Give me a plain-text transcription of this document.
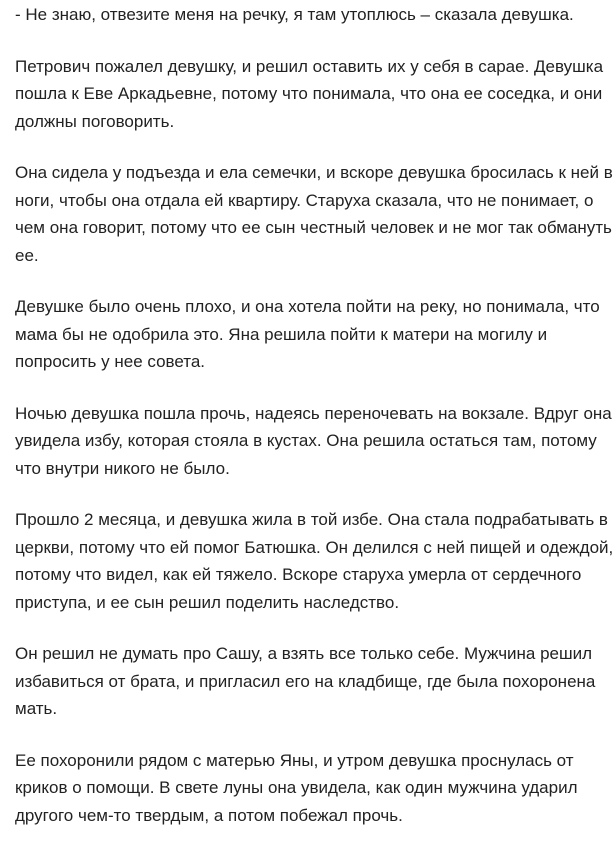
- Не знаю, отвезите меня на речку, я там утоплюсь – сказала девушка.
Петрович пожалел девушку, и решил оставить их у себя в сарае. Девушка
пошла к Еве Аркадьевне, потому что понимала, что она ее соседка, и они
должны поговорить.
Она сидела у подъезда и ела семечки, и вскоре девушка бросилась к ней в
ноги, чтобы она отдала ей квартиру. Старуха сказала, что не понимает, о
чем она говорит, потому что ее сын честный человек и не мог так обмануть
ее.
Девушке было очень плохо, и она хотела пойти на реку, но понимала, что
мама бы не одобрила это. Яна решила пойти к матери на могилу и
попросить у нее совета.
Ночью девушка пошла прочь, надеясь переночевать на вокзале. Вдруг она
увидела избу, которая стояла в кустах. Она решила остаться там, потому
что внутри никого не было.
Прошло 2 месяца, и девушка жила в той избе. Она стала подрабатывать в
церкви, потому что ей помог Батюшка. Он делился с ней пищей и одеждой,
потому что видел, как ей тяжело. Вскоре старуха умерла от сердечного
приступа, и ее сын решил поделить наследство.
Он решил не думать про Сашу, а взять все только себе. Мужчина решил
избавиться от брата, и пригласил его на кладбище, где была похоронена
мать.
Ее похоронили рядом с матерью Яны, и утром девушка проснулась от
криков о помощи. В свете луны она увидела, как один мужчина ударил
другого чем-то твердым, а потом побежал прочь.
